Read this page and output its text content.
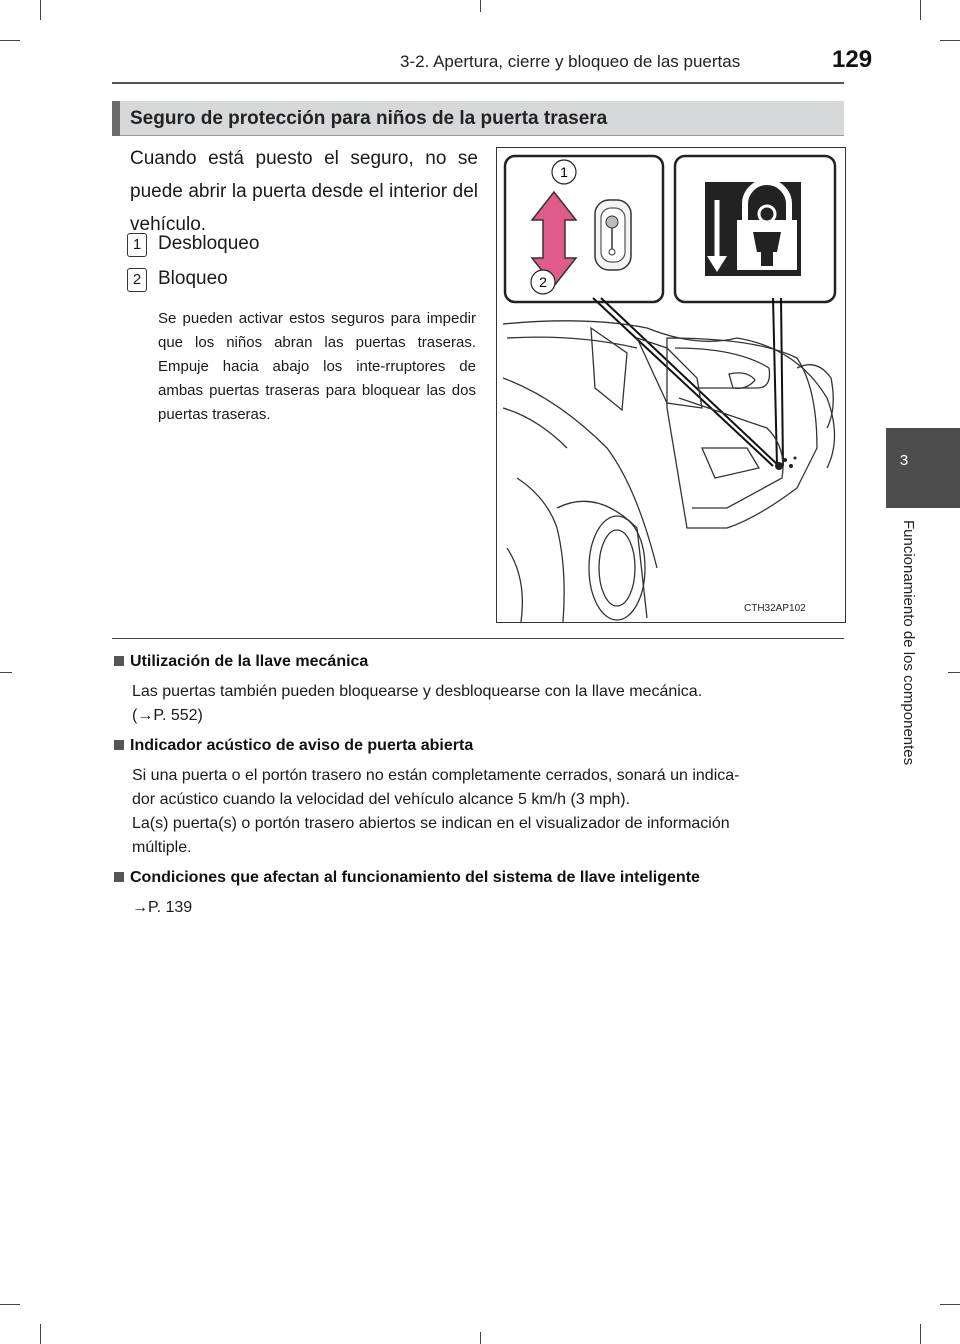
3-2. Apertura, cierre y bloqueo de las puertas	129
3
Funcionamiento de los componentes
Seguro de protección para niños de la puerta trasera
Cuando está puesto el seguro, no se puede abrir la puerta desde el interior del vehículo.
1 Desbloqueo
2 Bloqueo
Se pueden activar estos seguros para impedir que los niños abran las puertas traseras. Empuje hacia abajo los inte-rruptores de ambas puertas traseras para bloquear las dos puertas traseras.
1
2
CTH32AP102
Utilización de la llave mecánica
Las puertas también pueden bloquearse y desbloquearse con la llave mecánica.
(→P. 552)
Indicador acústico de aviso de puerta abierta
Si una puerta o el portón trasero no están completamente cerrados, sonará un indica-
dor acústico cuando la velocidad del vehículo alcance 5 km/h (3 mph).
La(s) puerta(s) o portón trasero abiertos se indican en el visualizador de información
múltiple.
Condiciones que afectan al funcionamiento del sistema de llave inteligente
→P. 139
